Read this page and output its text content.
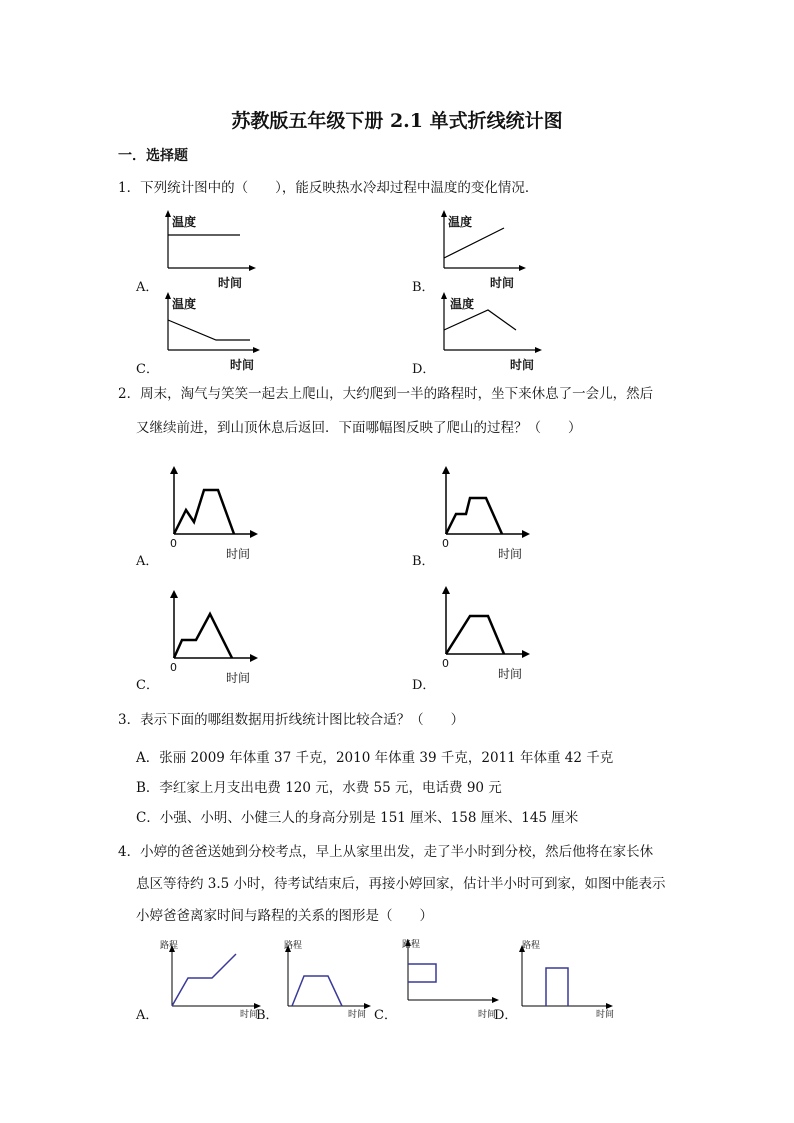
苏教版五年级下册 2.1 单式折线统计图
一．选择题
1．下列统计图中的（　　），能反映热水冷却过程中温度的变化情况．
A．
温度
时间	B．
温度
时间
C．
温度
时间	D．
温度
时间
2．周末，淘气与笑笑一起去上爬山，大约爬到一半的路程时，坐下来休息了一会儿，然后
又继续前进，到山顶休息后返回．下面哪幅图反映了爬山的过程？（　　）
A．
0
时间	B．
0
时间
C．
0
时间	D．
0
时间
3．表示下面的哪组数据用折线统计图比较合适？（　　）
A．张丽 2009 年体重 37 千克，2010 年体重 39 千克，2011 年体重 42 千克
B．李红家上月支出电费 120 元，水费 55 元，电话费 90 元
C．小强、小明、小健三人的身高分别是 151 厘米、158 厘米、145 厘米
4．小婷的爸爸送她到分校考点，早上从家里出发，走了半小时到分校，然后他将在家长休
息区等待约 3.5 小时，待考试结束后，再接小婷回家，估计半小时可到家，如图中能表示
小婷爸爸离家时间与路程的关系的图形是（　　）
A．
路程
时间
B．
路程
时间 C．
路程
时间
D．
路程
时间
